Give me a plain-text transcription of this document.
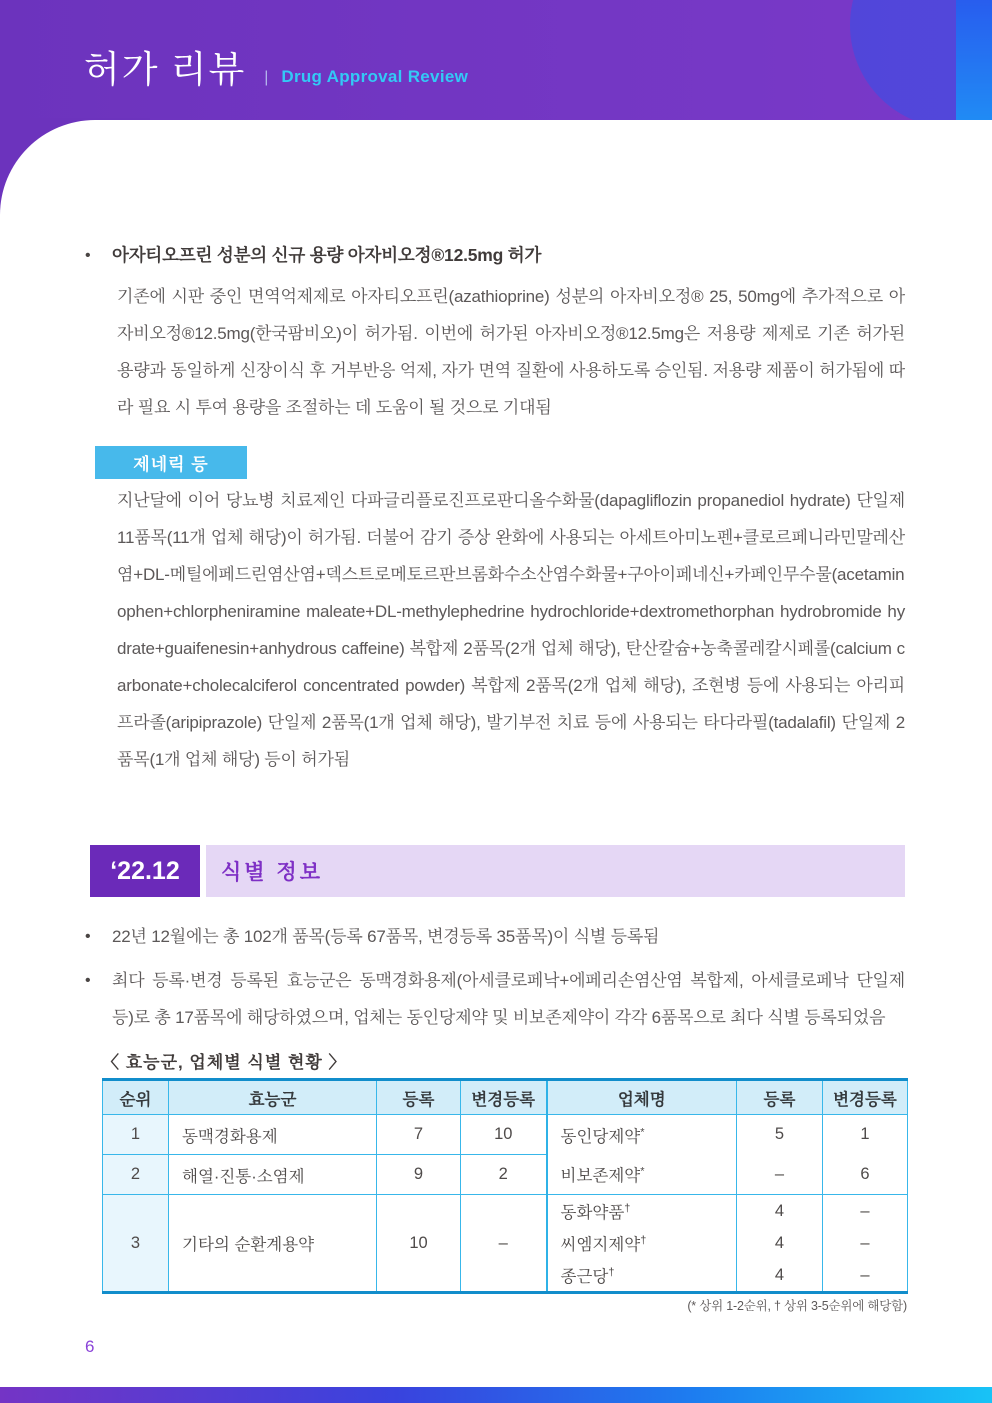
허가 리뷰 | Drug Approval Review
•	아자티오프린 성분의 신규 용량 아자비오정®12.5mg 허가
기존에 시판 중인 면역억제제로 아자티오프린(azathioprine) 성분의 아자비오정® 25, 50mg에 추가적으로 아자비오정®12.5mg(한국팜비오)이 허가됨. 이번에 허가된 아자비오정®12.5mg은 저용량 제제로 기존 허가된 용량과 동일하게 신장이식 후 거부반응 억제, 자가 면역 질환에 사용하도록 승인됨. 저용량 제품이 허가됨에 따라 필요 시 투여 용량을 조절하는 데 도움이 될 것으로 기대됨
제네릭 등
지난달에 이어 당뇨병 치료제인 다파글리플로진프로판디올수화물(dapagliflozin propanediol hydrate) 단일제 11품목(11개 업체 해당)이 허가됨. 더불어 감기 증상 완화에 사용되는 아세트아미노펜+클로르페니라민말레산염+DL-메틸에페드린염산염+덱스트로메토르판브롬화수소산염수화물+구아이페네신+카페인무수물(acetaminophen+chlorpheniramine maleate+DL-methylephedrine hydrochloride+dextromethorphan hydrobromide hydrate+guaifenesin+anhydrous caffeine) 복합제 2품목(2개 업체 해당), 탄산칼슘+농축콜레칼시페롤(calcium carbonate+cholecalciferol concentrated powder) 복합제 2품목(2개 업체 해당), 조현병 등에 사용되는 아리피프라졸(aripiprazole) 단일제 2품목(1개 업체 해당), 발기부전 치료 등에 사용되는 타다라필(tadalafil) 단일제 2품목(1개 업체 해당) 등이 허가됨
‘22.12	식별 정보
•	22년 12월에는 총 102개 품목(등록 67품목, 변경등록 35품목)이 식별 등록됨
•	최다 등록·변경 등록된 효능군은 동맥경화용제(아세클로페낙+에페리손염산염 복합제, 아세클로페낙 단일제 등)로 총 17품목에 해당하였으며, 업체는 동인당제약 및 비보존제약이 각각 6품목으로 최다 식별 등록되었음
〈 효능군, 업체별 식별 현황 〉
순위	효능군	등록	변경등록	업체명	등록	변경등록
1	동맥경화용제	7	10	동인당제약*	5	1
2	해열·진통·소염제	9	2	비보존제약*	–	6
3	기타의 순환계용약	10	–	동화약품†	4	–
				씨엠지제약†	4	–
				종근당†	4	–
(* 상위 1-2순위, † 상위 3-5순위에 해당함)
6
